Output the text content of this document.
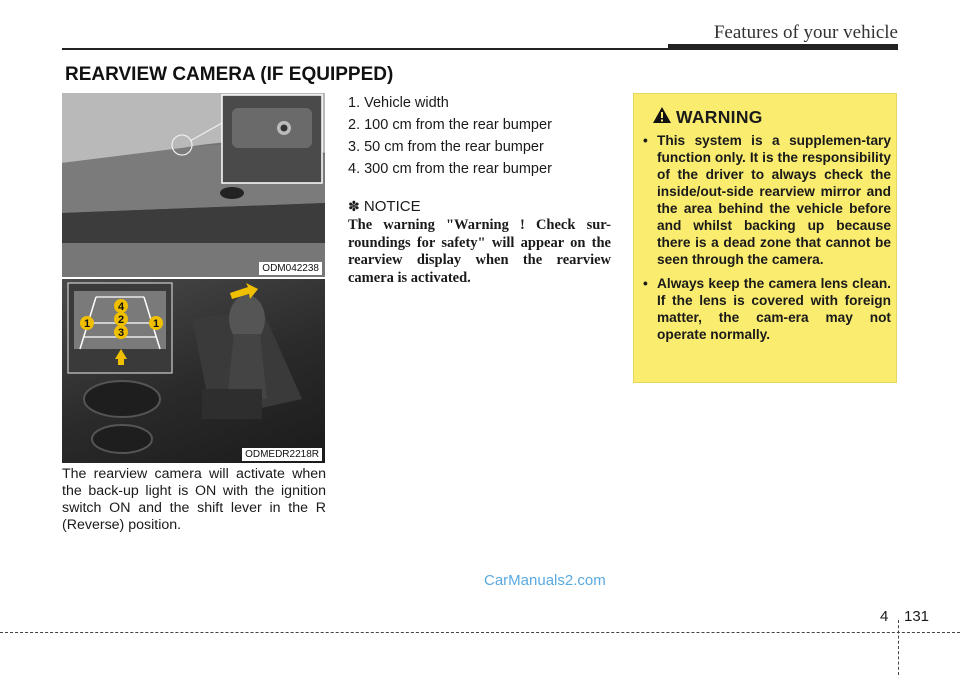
Features of your vehicle
REARVIEW CAMERA (IF EQUIPPED)
ODM042238
4
2
3
1	1
ODMEDR2218R
The rearview camera will activate when the back-up light is ON with the ignition switch ON and the shift lever in the R (Reverse) position.
1. Vehicle width
2. 100 cm from the rear bumper
3. 50 cm from the rear bumper
4. 300 cm from the rear bumper
✽ NOTICE
The warning "Warning ! Check sur-roundings for safety" will appear on the rearview display when the rearview camera is activated.
WARNING
• This system is a supplemen-tary function only. It is the responsibility of the driver to always check the inside/out-side rearview mirror and the area behind the vehicle before and whilst backing up because there is a dead zone that cannot be seen through the camera.
• Always keep the camera lens clean. If the lens is covered with foreign matter, the cam-era may not operate normally.
CarManuals2.com
4 131
